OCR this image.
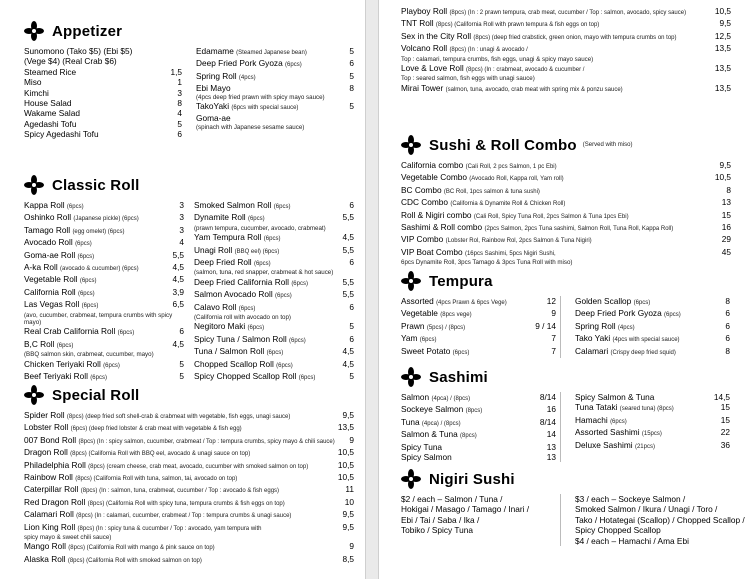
Appetizer
Sunomono (Tako $5) (Ebi $5)
(Vege $4) (Real Crab $6)
Steamed Rice	1,5
Miso	1
Kimchi	3
House Salad	8
Wakame Salad	4
Agedashi Tofu	5
Spicy Agedashi Tofu	6
Edamame (Steamed Japanese bean)	5
Deep Fried Pork Gyoza (6pcs)	6
Spring Roll (4pcs)	5
Ebi Mayo	8
(4pcs deep fried prawn with spicy mayo sauce)
TakoYaki (6pcs with special sauce)	5
Goma-ae
(spinach with Japanese sesame sauce)
Classic Roll
Kappa Roll (6pcs)	3
Oshinko Roll (Japanese pickle) (6pcs)	3
Tamago Roll (egg omelet) (6pcs)	3
Avocado Roll (6pcs)	4
Goma-ae Roll (6pcs)	5,5
A-ka Roll (avocado & cucumber) (6pcs)	4,5
Vegetable Roll (6pcs)	4,5
California Roll (6pcs)	3,9
Las Vegas Roll (6pcs)	6,5
(avo, cucumber, crabmeat, tempura crumbs with spicy mayo)
Real Crab California Roll (6pcs)	6
B,C Roll (6pcs)	4,5
(BBQ salmon skin, crabmeat, cucumber, mayo)
Chicken Teriyaki Roll (6pcs)	5
Beef Teriyaki Roll (6pcs)	5
Smoked Salmon Roll (6pcs)	6
Dynamite Roll (6pcs)	5,5
(prawn tempura, cucumber, avocado, crabmeat)
Yam Tempura Roll (6pcs)	4,5
Unagi Roll (BBQ eel) (6pcs)	5,5
Deep Fried Roll (6pcs)	6
(salmon, tuna, red snapper, crabmeat & hot sauce)
Deep Fried California Roll (6pcs)	5,5
Salmon Avocado Roll (6pcs)	5,5
Calavo Roll (6pcs)	6
(California roll with avocado on top)
Negitoro Maki (6pcs)	5
Spicy Tuna / Salmon Roll (6pcs)	6
Tuna / Salmon Roll (6pcs)	4,5
Chopped Scallop Roll (6pcs)	4,5
Spicy Chopped Scallop Roll (6pcs)	5
Special Roll
Spider Roll (8pcs) (deep fried soft shell-crab & crabmeat with vegetable, fish eggs, unagi sauce)	9,5
Lobster Roll (6pcs) (deep fried lobster & crab meat with vegetable & fish egg)	13,5
007 Bond Roll (8pcs) (In : spicy salmon, cucumber, crabmeat / Top : tempura crumbs, spicy mayo & chili sauce)	9
Dragon Roll (8pcs) (California Roll with BBQ eel, avocado & unagi sauce on top)	10,5
Philadelphia Roll (8pcs) (cream cheese, crab meat, avocado, cucumber with smoked salmon on top)	10,5
Rainbow Roll (8pcs) (California Roll with tuna, salmon, tai, avocado on top)	10,5
Caterpillar Roll (8pcs) (In : salmon, tuna, crabmeat, cucumber / Top : avocado & fish eggs)	11
Red Dragon Roll (8pcs) (California Roll with spicy tuna, tempura crumbs & fish eggs on top)	10
Calamari Roll (8pcs) (In : calamari, cucumber, crabmeat / Top : tempura crumbs & unagi sauce)	9,5
Lion King Roll (8pcs) (In : spicy tuna & cucumber / Top : avocado, yam tempura with	9,5
spicy mayo & sweet chili sauce)
Mango Roll (8pcs) (California Roll with mango & pink sauce on top)	9
Alaska Roll (8pcs) (California Roll with smoked salmon on top)	8,5
Playboy Roll (8pcs) (In : 2 prawn tempura, crab meat, cucumber / Top : salmon, avocado, spicy sauce)	10,5
TNT Roll (8pcs) (California Roll with prawn tempura & fish eggs on top)	9,5
Sex in the City Roll (8pcs) (deep fried crabstick, green onion, mayo with tempura crumbs on top)	12,5
Volcano Roll (8pcs) (In : unagi & avocado /	13,5
Top : calamari, tempura crumbs, fish eggs, unagi & spicy mayo sauce)
Love & Love Roll (8pcs) (In : crabmeat, avocado & cucumber /	13,5
Top : seared salmon, fish eggs with unagi sauce)
Mirai Tower (salmon, tuna, avocado, crab meat with spring mix & ponzu sauce)	13,5
Sushi & Roll Combo (Served with miso)
California combo (Cali Roll, 2 pcs Salmon, 1 pc Ebi)	9,5
Vegetable Combo (Avocado Roll, Kappa roll, Yam roll)	10,5
BC Combo (BC Roll, 1pcs salmon & tuna sushi)	8
CDC Combo (California & Dynamite Roll & Chicken Roll)	13
Roll & Nigiri combo (Cali Roll, Spicy Tuna Roll, 2pcs Salmon & Tuna 1pcs Ebi)	15
Sashimi & Roll combo (2pcs Salmon, 2pcs Tuna sashimi, Salmon Roll, Tuna Roll, Kappa Roll)	16
VIP Combo (Lobster Rol, Rainbow Rol, 2pcs Salmon & Tuna Nigiri)	29
VIP Boat Combo (16pcs Sashimi, 5pcs Nigiri Sushi,	45
6pcs Dynamite Roll, 3pcs Tamago & 3pcs Tuna Roll with miso)
Tempura
Assorted (4pcs Prawn & 6pcs Vege)	12
Vegetable (8pcs vege)	9
Prawn (5pcs) / (8pcs)	9 / 14
Yam (6pcs)	7
Sweet Potato (6pcs)	7
Golden Scallop (6pcs)	8
Deep Fried Pork Gyoza (6pcs)	6
Spring Roll (4pcs)	6
Tako Yaki (4pcs with special sauce)	6
Calamari (Crispy deep fried squid)	8
Sashimi
Salmon (4pca) / (8pcs)	8/14
Sockeye Salmon (8pcs)	16
Tuna (4pca) / (8pcs)	8/14
Salmon & Tuna (8pcs)	14
Spicy Tuna	13
Spicy Salmon	13
Spicy Salmon & Tuna	14,5
Tuna Tataki (seared tuna) (8pcs)	15
Hamachi (6pcs)	15
Assorted Sashimi (15pcs)	22
Deluxe Sashimi (21pcs)	36
Nigiri Sushi
$2 / each – Salmon / Tuna /
Hokigai / Masago / Tamago / Inari /
Ebi / Tai / Saba / Ika /
Tobiko / Spicy Tuna
$3 / each – Sockeye Salmon /
Smoked Salmon / Ikura / Unagi / Toro /
Tako / Hotategai (Scallop) / Chopped Scallop /
Spicy Chopped Scallop
$4 / each – Hamachi / Ama Ebi
